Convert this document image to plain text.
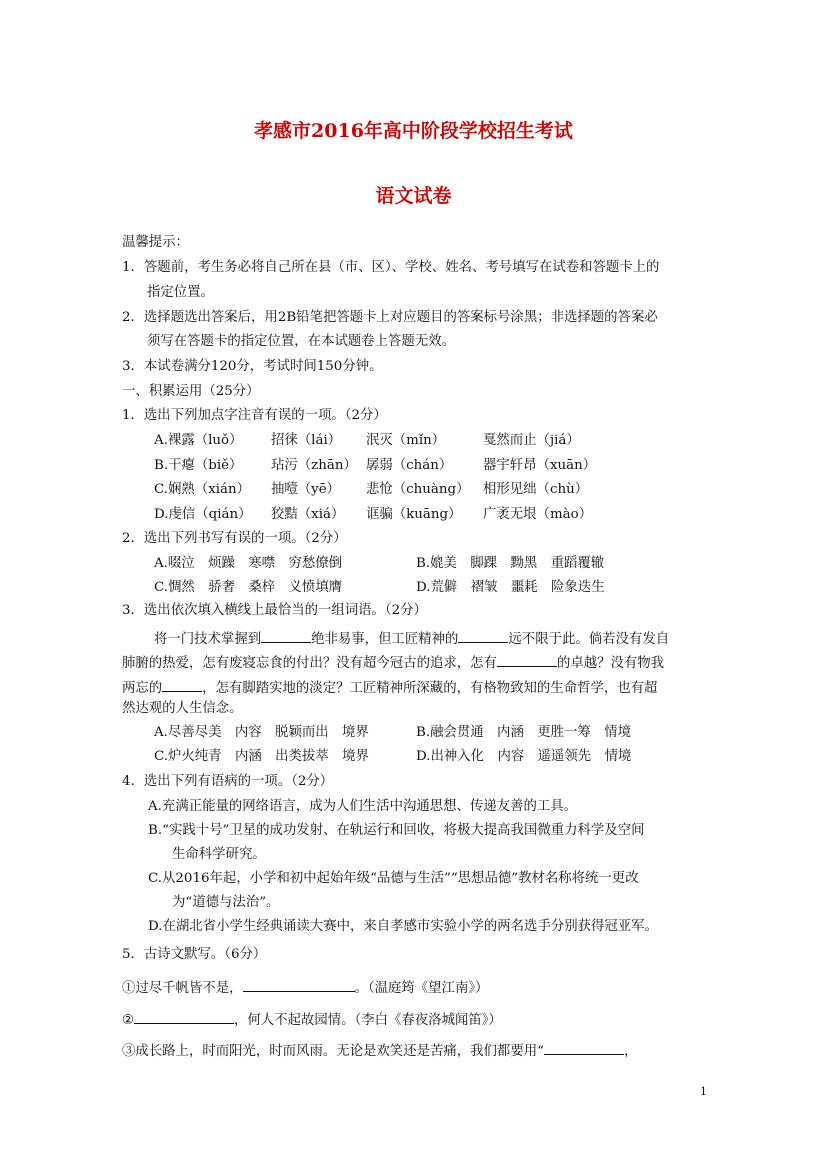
孝感市2016年高中阶段学校招生考试
语文试卷
温馨提示：
1．答题前，考生务必将自己所在县（市、区）、学校、姓名、考号填写在试卷和答题卡上的
指定位置。
2．选择题选出答案后，用2B铅笔把答题卡上对应题目的答案标号涂黑；非选择题的答案必
须写在答题卡的指定位置，在本试题卷上答题无效。
3．本试卷满分120分，考试时间150分钟。
一、积累运用（25分）
1．选出下列加点字注音有误的一项。（2分）
A.裸露（luǒ） 招徕（lái） 泯灭（mǐn）	戛然而止（jiá）
B.干瘪（biě） 玷污（zhān） 孱弱（chán） 器宇轩昂（xuān）
C.娴熟（xián） 抽噎（yē） 悲怆（chuàng） 相形见绌（chù）
D.虔信（qián） 狡黠（xiá） 诓骗（kuāng） 广袤无垠（mào）
2．选出下列书写有误的一项。（2分）
A.啜泣　烦躁　寒噤　穷愁僚倒	B.媲美　脚踝　黝黑　重蹈覆辙
C.惆然　骄奢　桑梓　义愤填膺	D.荒僻　褶皱　噩耗　险象迭生
3．选出依次填入横线上最恰当的一组词语。（2分）
将一门技术掌握到	绝非易事，但工匠精神的	远不限于此。倘若没有发自
肺腑的热爱，怎有废寝忘食的付出？没有超今冠古的追求，怎有	的卓越？没有物我
两忘的	，怎有脚踏实地的淡定？工匠精神所深藏的，有格物致知的生命哲学，也有超
然达观的人生信念。
A.尽善尽美　内容　脱颖而出　境界	B.融会贯通　内涵　更胜一筹　情境
C.炉火纯青　内涵　出类拔萃　境界	D.出神入化　内容　遥遥领先　情境
4．选出下列有语病的一项。（2分）
A.充满正能量的网络语言，成为人们生活中沟通思想、传递友善的工具。
B.“实践十号”卫星的成功发射、在轨运行和回收，将极大提高我国微重力科学及空间
生命科学研究。
C.从2016年起，小学和初中起始年级“品德与生活”“思想品德”教材名称将统一更改
为“道德与法治”。
D.在湖北省小学生经典诵读大赛中，来自孝感市实验小学的两名选手分别获得冠亚军。
5．古诗文默写。（6分）
①过尽千帆皆不是，	。（温庭筠《望江南》）
②	，何人不起故园情。（李白《春夜洛城闻笛》）
③成长路上，时而阳光，时而风雨。无论是欢笑还是苦痛，我们都要用“	，
1
